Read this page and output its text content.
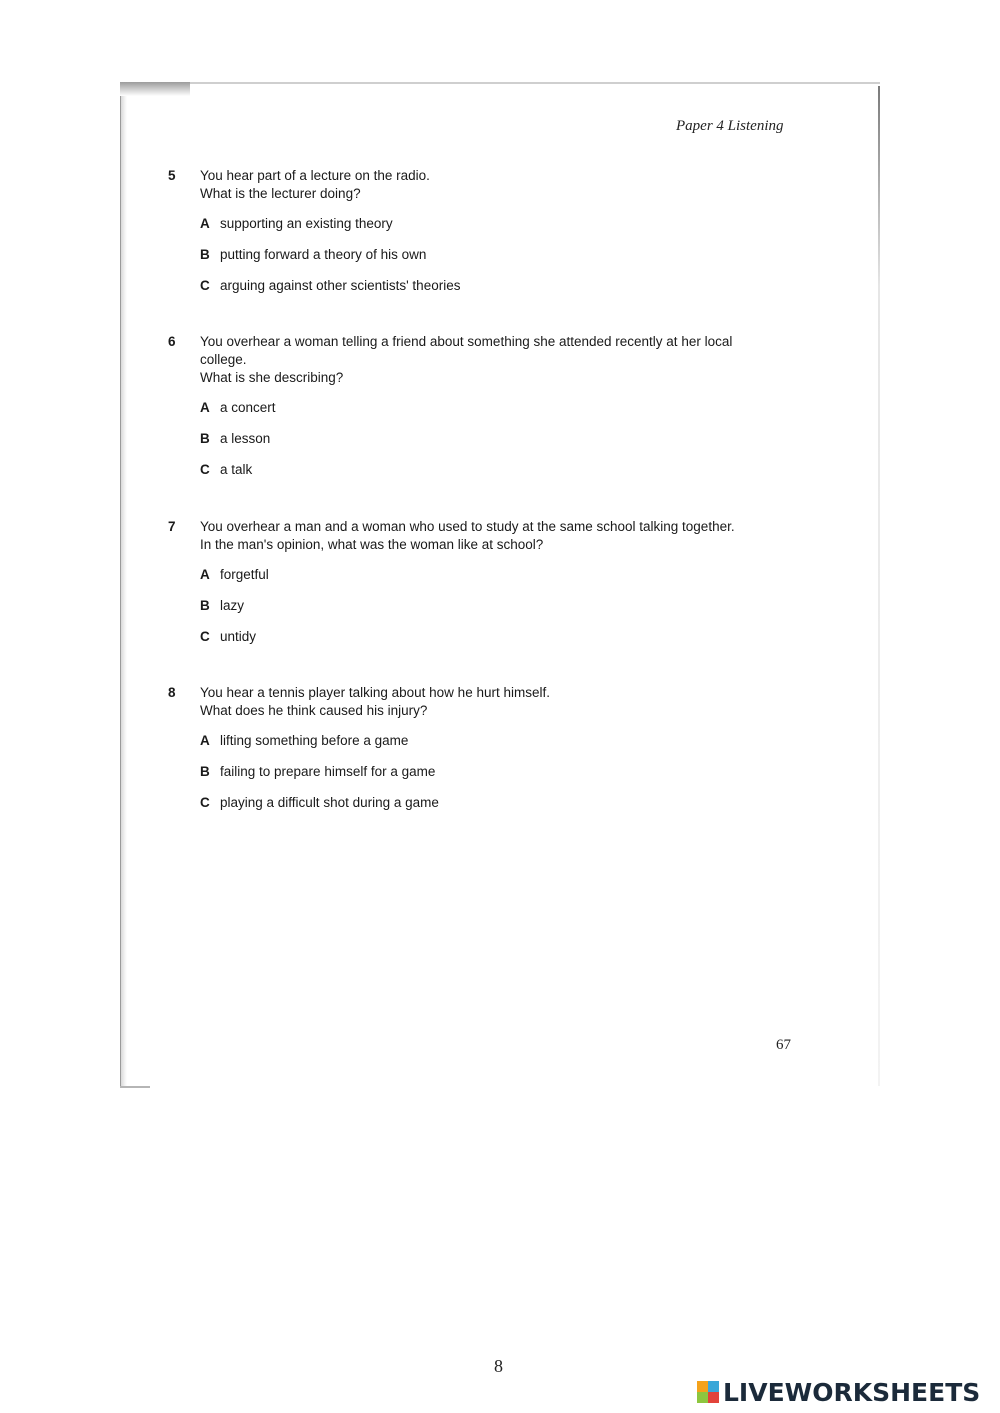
Paper 4 Listening
5 You hear part of a lecture on the radio.
What is the lecturer doing?
A supporting an existing theory
B putting forward a theory of his own
C arguing against other scientists' theories
6 You overhear a woman telling a friend about something she attended recently at her local
college.
What is she describing?
A a concert
B a lesson
C a talk
7 You overhear a man and a woman who used to study at the same school talking together.
In the man's opinion, what was the woman like at school?
A forgetful
B lazy
C untidy
8 You hear a tennis player talking about how he hurt himself.
What does he think caused his injury?
A lifting something before a game
B failing to prepare himself for a game
C playing a difficult shot during a game
67
8
LIVEWORKSHEETS
